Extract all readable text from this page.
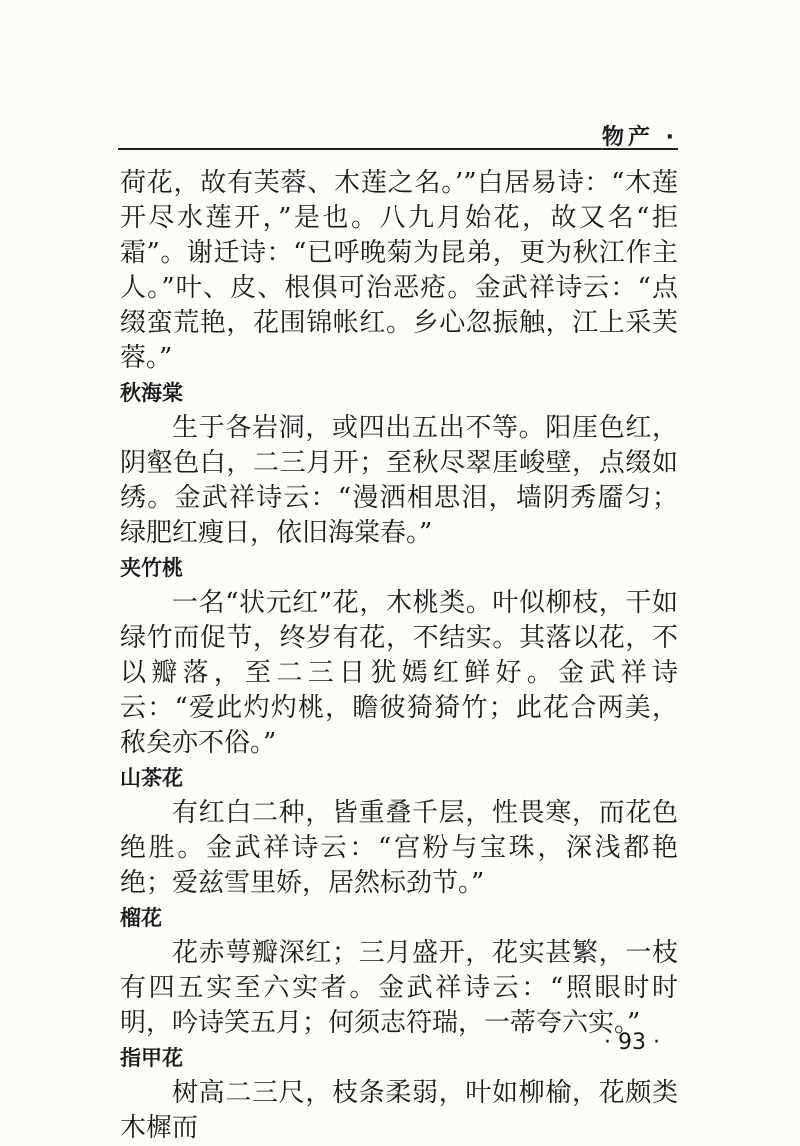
物产 ·

荷花，故有芙蓉、木莲之名。’”白居易诗：“木莲开尽水莲开，”是也。八九月始花，故又名“拒霜”。谢迁诗：“已呼晚菊为昆弟，更为秋江作主人。”叶、皮、根俱可治恶疮。金武祥诗云：“点缀蛮荒艳，花围锦帐红。乡心忽振触，江上采芙蓉。”

秋海棠

生于各岩洞，或四出五出不等。阳厓色红，阴壑色白，二三月开；至秋尽翠厓峻壁，点缀如绣。金武祥诗云：“漫洒相思泪，墙阴秀靥匀；绿肥红瘦日，依旧海棠春。”

夹竹桃

一名“状元红”花，木桃类。叶似柳枝，干如绿竹而促节，终岁有花，不结实。其落以花，不以瓣落，至二三日犹嫣红鲜好。金武祥诗云：“爱此灼灼桃，瞻彼猗猗竹；此花合两美，秾矣亦不俗。”

山茶花

有红白二种，皆重叠千层，性畏寒，而花色绝胜。金武祥诗云：“宫粉与宝珠，深浅都艳绝；爱兹雪里娇，居然标劲节。”

榴花

花赤萼瓣深红；三月盛开，花实甚繁，一枝有四五实至六实者。金武祥诗云：“照眼时时明，吟诗笑五月；何须志符瑞，一蒂夸六实。”

指甲花

树高二三尺，枝条柔弱，叶如柳榆，花颇类木樨而

· 93 ·
